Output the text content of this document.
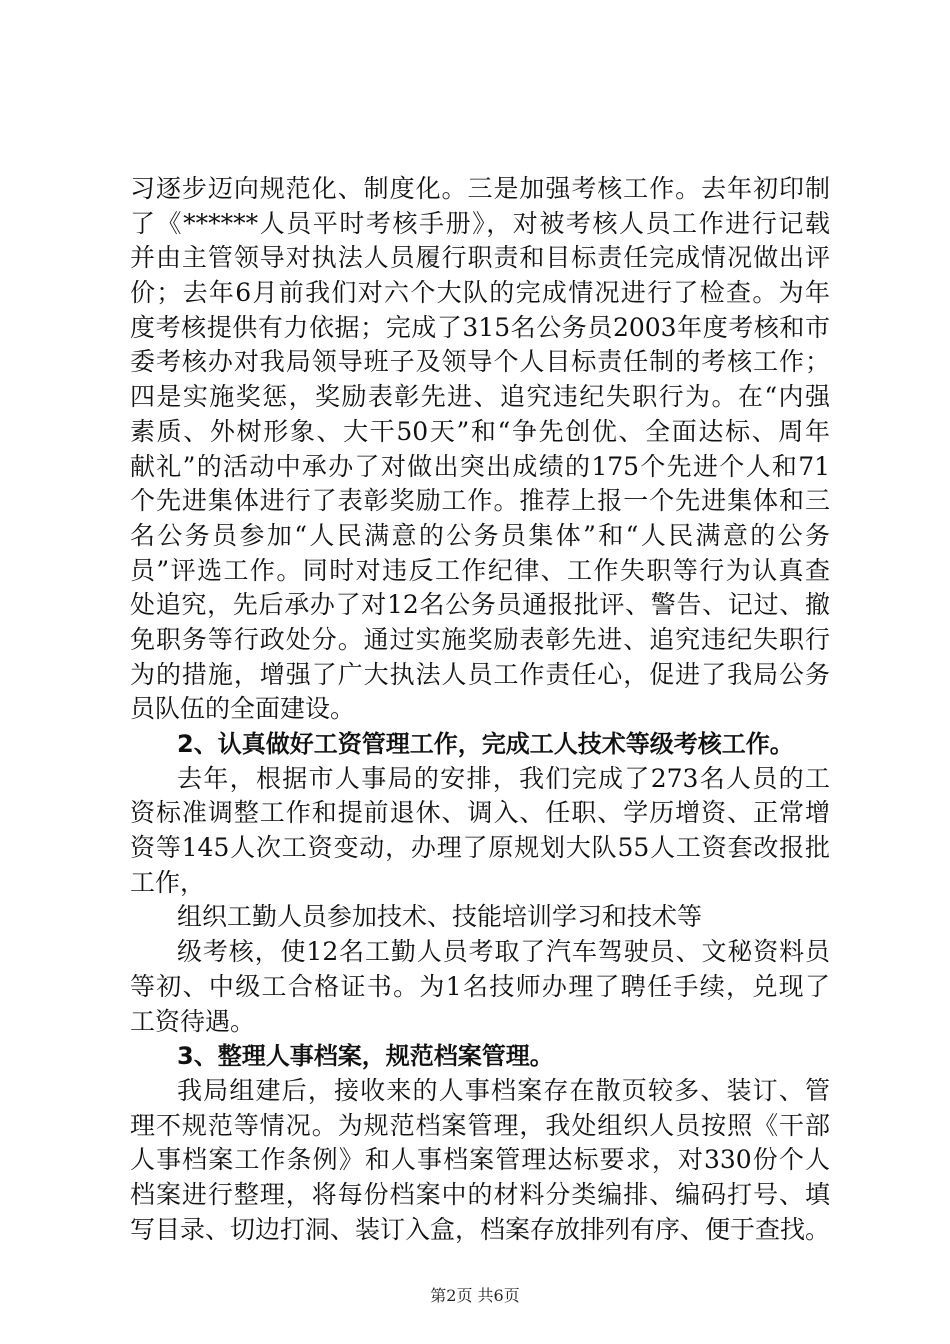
习逐步迈向规范化、制度化。三是加强考核工作。去年初印制
了《******人员平时考核手册》，对被考核人员工作进行记载
并由主管领导对执法人员履行职责和目标责任完成情况做出评
价；去年6月前我们对六个大队的完成情况进行了检查。为年
度考核提供有力依据；完成了315名公务员2003年度考核和市
委考核办对我局领导班子及领导个人目标责任制的考核工作；
四是实施奖惩，奖励表彰先进、追究违纪失职行为。在“内强
素质、外树形象、大干50天”和“争先创优、全面达标、周年
献礼”的活动中承办了对做出突出成绩的175个先进个人和71
个先进集体进行了表彰奖励工作。推荐上报一个先进集体和三
名公务员参加“人民满意的公务员集体”和“人民满意的公务
员”评选工作。同时对违反工作纪律、工作失职等行为认真查
处追究，先后承办了对12名公务员通报批评、警告、记过、撤
免职务等行政处分。通过实施奖励表彰先进、追究违纪失职行
为的措施，增强了广大执法人员工作责任心，促进了我局公务
员队伍的全面建设。
2、认真做好工资管理工作，完成工人技术等级考核工作。
去年，根据市人事局的安排，我们完成了273名人员的工
资标准调整工作和提前退休、调入、任职、学历增资、正常增
资等145人次工资变动，办理了原规划大队55人工资套改报批
工作，
组织工勤人员参加技术、技能培训学习和技术等
级考核，使12名工勤人员考取了汽车驾驶员、文秘资料员
等初、中级工合格证书。为1名技师办理了聘任手续，兑现了
工资待遇。
3、整理人事档案，规范档案管理。
我局组建后，接收来的人事档案存在散页较多、装订、管
理不规范等情况。为规范档案管理，我处组织人员按照《干部
人事档案工作条例》和人事档案管理达标要求，对330份个人
档案进行整理，将每份档案中的材料分类编排、编码打号、填
写目录、切边打洞、装订入盒，档案存放排列有序、便于查找。
第2页 共6页
